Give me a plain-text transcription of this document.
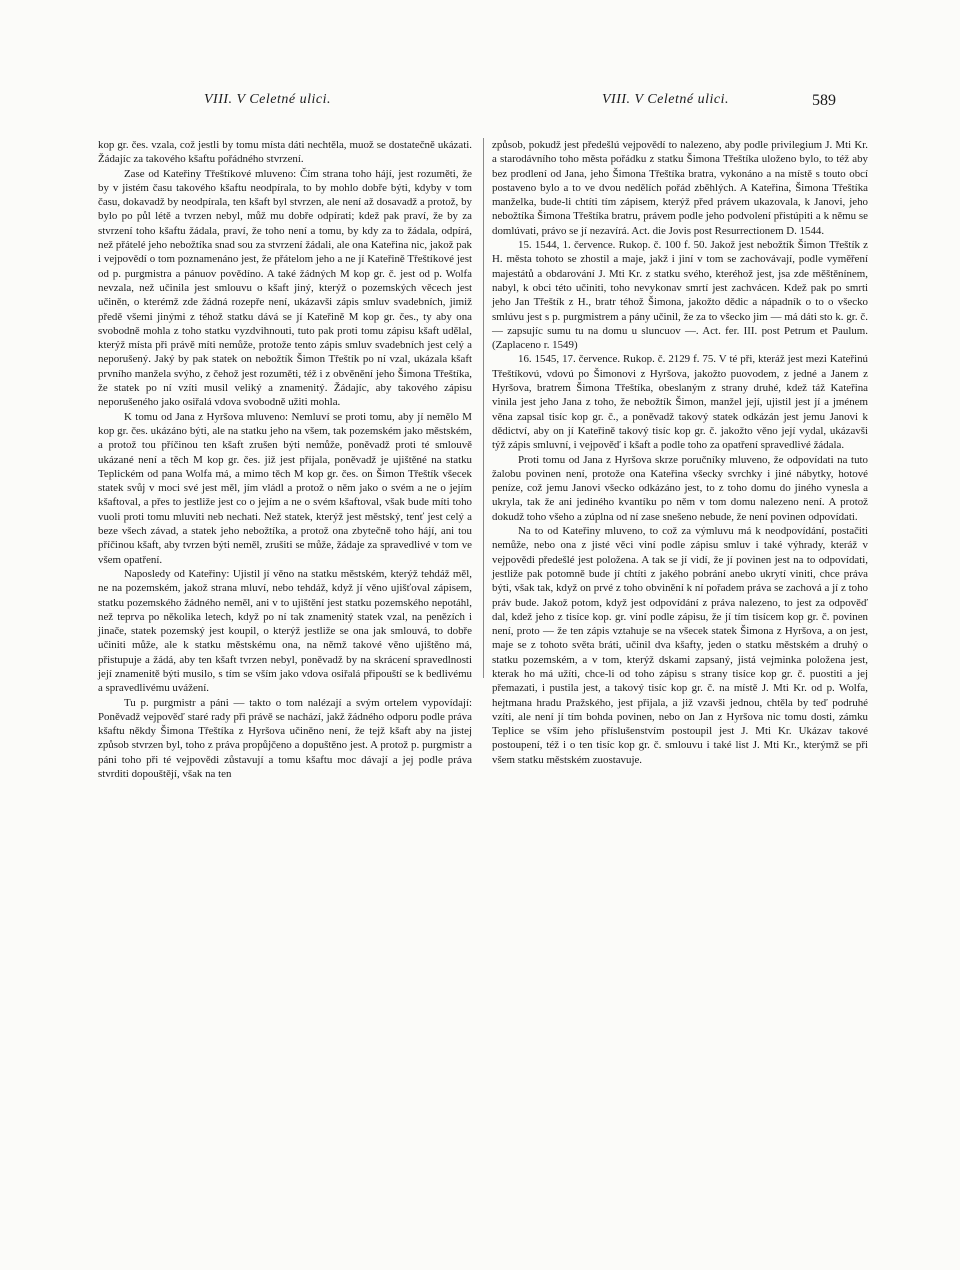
VIII. V Celetné ulici.	VIII. V Celetné ulici.	589

kop gr. čes. vzala, což jestli by tomu místa dáti nechtěla, muož se dostatečně ukázati. Žádajíc za takového kšaftu pořádného stvrzení.

Zase od Kateřiny Třeštíkové mluveno: Čím strana toho hájí, jest rozuměti, že by v jistém času takového kšaftu neodpírala, to by mohlo dobře býti, kdyby v tom času, dokavadž by neodpírala, ten kšaft byl stvrzen, ale není až dosavadž a protož, by bylo po půl létě a tvrzen nebyl, můž mu dobře odpírati; kdež pak praví, že by za stvrzení toho kšaftu žádala, praví, že toho není a tomu, by kdy za to žádala, odpírá, než přátelé jeho nebožtíka snad sou za stvrzení žádali, ale ona Kateřina nic, jakož pak i vejpovědí o tom poznamenáno jest, že přátelom jeho a ne jí Kateřině Třeštíkové jest od p. purgmistra a pánuov povědíno. A také žádných M kop gr. č. jest od p. Wolfa nevzala, než učinila jest smlouvu o kšaft jiný, kterýž o pozemských věcech jest učiněn, o kterémž zde žádná rozepře není, ukázavši zápis smluv svadebních, jimiž předě všemi jinými z téhož statku dává se jí Kateřině M kop gr. čes., ty aby ona svobodně mohla z toho statku vyzdvihnouti, tuto pak proti tomu zápisu kšaft udělal, kterýž místa při právě míti nemůže, protože tento zápis smluv svadebních jest celý a neporušený. Jaký by pak statek on nebožtík Šimon Třeštík po ní vzal, ukázala kšaft prvního manžela svýho, z čehož jest rozuměti, též i z obvěnění jeho Šimona Třeštíka, že statek po ní vzíti musil veliký a znamenitý. Žádajíc, aby takového zápisu neporušeného jako osiřalá vdova svobodně užiti mohla.

K tomu od Jana z Hyršova mluveno: Nemluví se proti tomu, aby jí nemělo M kop gr. čes. ukázáno býti, ale na statku jeho na všem, tak pozemském jako městském, a protož tou příčinou ten kšaft zrušen býti nemůže, poněvadž proti té smlouvě ukázané není a těch M kop gr. čes. již jest přijala, poněvadž je ujištěné na statku Teplickém od pana Wolfa má, a mimo těch M kop gr. čes. on Šimon Třeštík všecek statek svůj v moci své jest měl, jím vládl a protož o něm jako o svém a ne o jejím kšaftoval, a přes to jestliže jest co o jejím a ne o svém kšaftoval, však bude míti toho vuoli proti tomu mluviti neb nechati. Než statek, kterýž jest městský, tenť jest celý a beze všech závad, a statek jeho nebožtíka, a protož ona zbytečně toho hájí, ani tou příčinou kšaft, aby tvrzen býti neměl, zrušiti se může, žádaje za spravedlivé v tom ve všem opatření.

Naposledy od Kateřiny: Ujistil jí věno na statku městském, kterýž tehdáž měl, ne na pozemském, jakož strana mluví, nebo tehdáž, když jí věno ujišťoval zápisem, statku pozemského žádného neměl, ani v to ujištění jest statku pozemského nepotáhl, než teprva po několika letech, když po ní tak znamenitý statek vzal, na penězích i jinače, statek pozemský jest koupil, o kterýž jestliže se ona jak smlouvá, to dobře učiniti může, ale k statku městskému ona, na němž takové věno ujištěno má, přistupuje a žádá, aby ten kšaft tvrzen nebyl, poněvadž by na skrácení spravedlnosti její znamenitě býti musilo, s tím se vším jako vdova osiřalá připouští se k bedlivému a spravedlivému uvážení.

Tu p. purgmistr a páni — takto o tom nalézají a svým ortelem vypovídají: Poněvadž vejpověď staré rady při právě se nachází, jakž žádného odporu podle práva kšaftu někdy Šimona Třeštíka z Hyršova učiněno není, že tejž kšaft aby na jistej způsob stvrzen byl, toho z práva propůjčeno a dopuštěno jest. A protož p. purgmistr a páni toho při té vejpovědi zůstavují a tomu kšaftu moc dávají a jej podle práva stvrditi dopouštějí, však na ten

způsob, pokudž jest předešlú vejpovědí to nalezeno, aby podle privilegium J. Mti Kr. a starodávního toho města pořádku z statku Šimona Třeštíka uloženo bylo, to též aby bez prodlení od Jana, jeho Šimona Třeštíka bratra, vykonáno a na místě s touto obcí postaveno bylo a to ve dvou nedělích pořád zběhlých. A Kateřina, Šimona Třeštíka manželka, bude-li chtíti tím zápisem, kterýž před právem ukazovala, k Janovi, jeho nebožtíka Šimona Třeštíka bratru, právem podle jeho podvolení přistúpiti a k němu se domlúvati, právo se jí nezavírá. Act. die Jovis post Resurrectionem D. 1544.

15. 1544, 1. července. Rukop. č. 100 f. 50. Jakož jest nebožtík Šimon Třeštík z H. města tohoto se zhostil a maje, jakž i jiní v tom se zachovávají, podle vyměření majestátů a obdarování J. Mti Kr. z statku svého, kteréhož jest, jsa zde měštěnínem, nabyl, k obci této učiniti, toho nevykonav smrtí jest zachvácen. Kdež pak po smrti jeho Jan Třeštík z H., bratr téhož Šimona, jakožto dědic a nápadník o to o všecko smlúvu jest s p. purgmistrem a pány učinil, že za to všecko jim — má dáti sto k. gr. č. — zapsujíc sumu tu na domu u sluncuov —. Act. fer. III. post Petrum et Paulum. (Zaplaceno r. 1549)

16. 1545, 17. července. Rukop. č. 2129 f. 75. V té při, kteráž jest mezi Kateřinú Třeštíkovú, vdovú po Šimonovi z Hyršova, jakožto puovodem, z jedné a Janem z Hyršova, bratrem Šimona Třeštíka, obeslaným z strany druhé, kdež táž Kateřina vinila jest jeho Jana z toho, že nebožtík Šimon, manžel její, ujistil jest jí a jménem věna zapsal tisíc kop gr. č., a poněvadž takový statek odkázán jest jemu Janovi k dědictví, aby on jí Kateřině takový tisíc kop gr. č. jakožto věno její vydal, ukázavši týž zápis smluvní, i vejpověď i kšaft a podle toho za opatření spravedlivé žádala.

Proti tomu od Jana z Hyršova skrze poručníky mluveno, že odpovídati na tuto žalobu povinen není, protože ona Kateřina všecky svrchky i jiné nábytky, hotové peníze, což jemu Janovi všecko odkázáno jest, to z toho domu do jiného vynesla a ukryla, tak že ani jediného kvantíku po něm v tom domu nalezeno není. A protož dokudž toho všeho a zúplna od ní zase snešeno nebude, že není povinen odpovídati.

Na to od Kateřiny mluveno, to což za výmluvu má k neodpovídání, postačiti nemůže, nebo ona z jisté věci viní podle zápisu smluv i také výhrady, kteráž v vejpovědi předešlé jest položena. A tak se jí vidí, že jí povinen jest na to odpovídati, jestliže pak potomně bude jí chtíti z jakého pobrání anebo ukrytí viniti, chce práva býti, však tak, když on prvé z toho obvinění k ní pořadem práva se zachová a jí z toho práv bude. Jakož potom, když jest odpovídání z práva nalezeno, to jest za odpověď dal, kdež jeho z tisíce kop. gr. viní podle zápisu, že jí tím tisícem kop gr. č. povinen není, proto — že ten zápis vztahuje se na všecek statek Šimona z Hyršova, a on jest, maje se z tohoto světa bráti, učinil dva kšafty, jeden o statku městském a druhý o statku pozemském, a v tom, kterýž dskami zapsaný, jistá vejminka položena jest, kterak ho má užíti, chce-li od toho zápisu s strany tisíce kop gr. č. puostiti a jej přemazati, i pustila jest, a takový tisíc kop gr. č. na místě J. Mti Kr. od p. Wolfa, hejtmana hradu Pražského, jest přijala, a již vzavši jednou, chtěla by teď podruhé vzíti, ale není jí tím bohda povinen, nebo on Jan z Hyršova nic tomu dosti, zámku Teplice se vším jeho příslušenstvím postoupil jest J. Mti Kr. Ukázav takové postoupení, též i o ten tisíc kop gr. č. smlouvu i také list J. Mti Kr., kterýmž se při všem statku městském zuostavuje.
